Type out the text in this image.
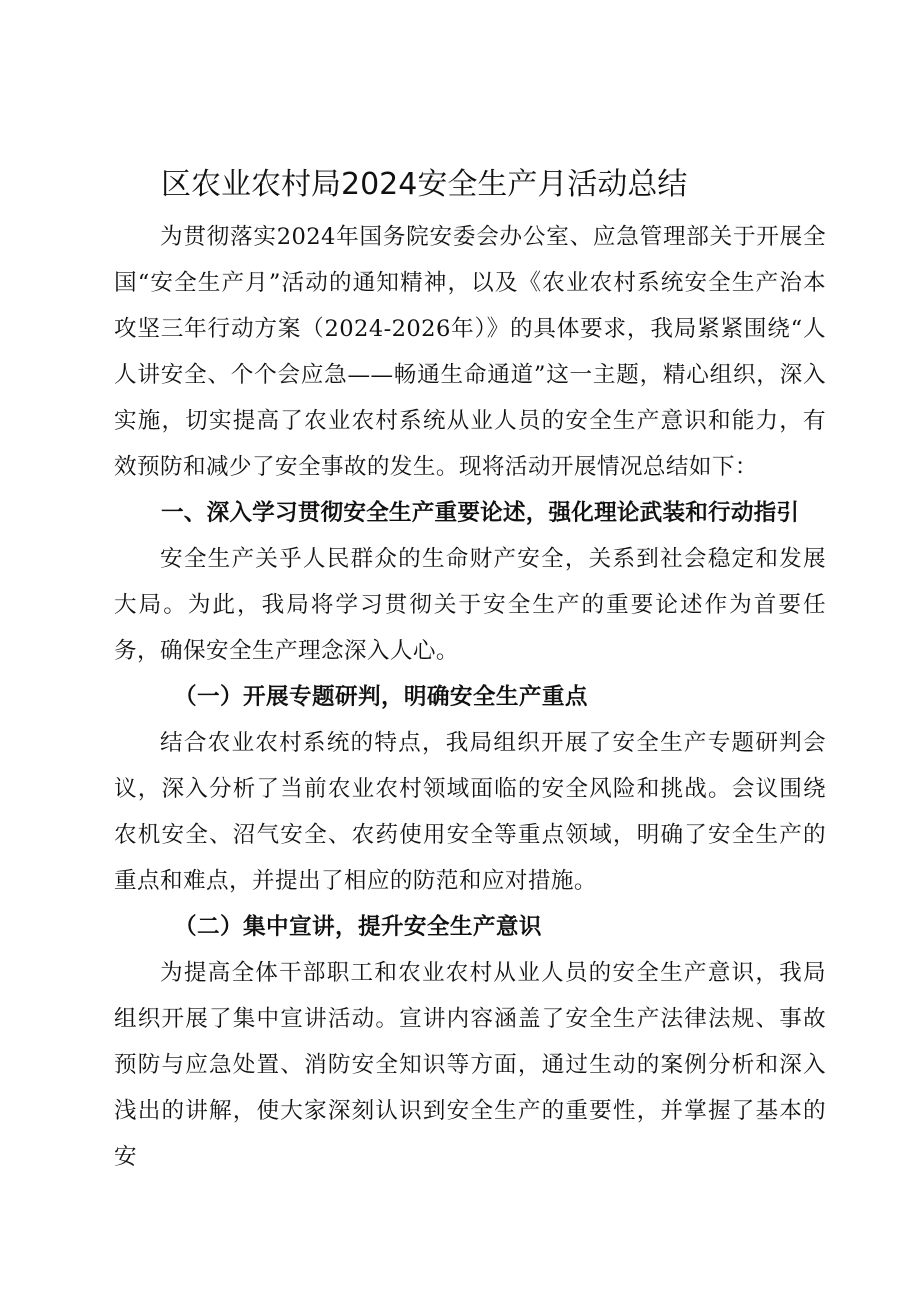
区农业农村局2024安全生产月活动总结

为贯彻落实2024年国务院安委会办公室、应急管理部关于开展全国“安全生产月”活动的通知精神，以及《农业农村系统安全生产治本攻坚三年行动方案（2024-2026年）》的具体要求，我局紧紧围绕“人人讲安全、个个会应急——畅通生命通道”这一主题，精心组织，深入实施，切实提高了农业农村系统从业人员的安全生产意识和能力，有效预防和减少了安全事故的发生。现将活动开展情况总结如下：

一、深入学习贯彻安全生产重要论述，强化理论武装和行动指引

安全生产关乎人民群众的生命财产安全，关系到社会稳定和发展大局。为此，我局将学习贯彻关于安全生产的重要论述作为首要任务，确保安全生产理念深入人心。

（一）开展专题研判，明确安全生产重点

结合农业农村系统的特点，我局组织开展了安全生产专题研判会议，深入分析了当前农业农村领域面临的安全风险和挑战。会议围绕农机安全、沼气安全、农药使用安全等重点领域，明确了安全生产的重点和难点，并提出了相应的防范和应对措施。

（二）集中宣讲，提升安全生产意识

为提高全体干部职工和农业农村从业人员的安全生产意识，我局组织开展了集中宣讲活动。宣讲内容涵盖了安全生产法律法规、事故预防与应急处置、消防安全知识等方面，通过生动的案例分析和深入浅出的讲解，使大家深刻认识到安全生产的重要性，并掌握了基本的安
